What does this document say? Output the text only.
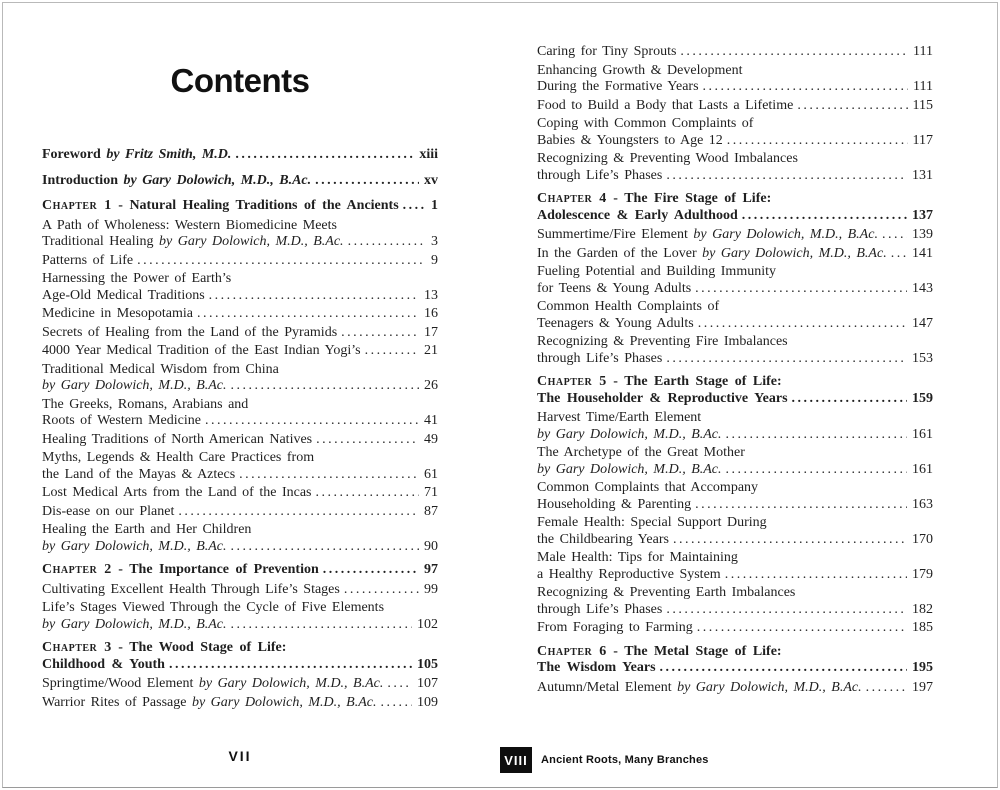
Contents
Foreword by Fritz Smith, M.D. .....	xiii
Introduction by Gary Dolowich, M.D., B.Ac. .....	xv
Chapter 1 - Natural Healing Traditions of the Ancients ..... 1
A Path of Wholeness: Western Biomedicine Meets
Traditional Healing by Gary Dolowich, M.D., B.Ac. .....	3
Patterns of Life .....	9
Harnessing the Power of Earth’s
Age-Old Medical Traditions .....	13
Medicine in Mesopotamia .....	16
Secrets of Healing from the Land of the Pyramids .....	17
4000 Year Medical Tradition of the East Indian Yogi’s .....	21
Traditional Medical Wisdom from China
by Gary Dolowich, M.D., B.Ac. .....	26
The Greeks, Romans, Arabians and
Roots of Western Medicine .....	41
Healing Traditions of North American Natives .....	49
Myths, Legends & Health Care Practices from
the Land of the Mayas & Aztecs .....	61
Lost Medical Arts from the Land of the Incas .....	71
Dis-ease on our Planet .....	87
Healing the Earth and Her Children
by Gary Dolowich, M.D., B.Ac. .....	90
Chapter 2 - The Importance of Prevention .....	97
Cultivating Excellent Health Through Life’s Stages .....	99
Life’s Stages Viewed Through the Cycle of Five Elements
by Gary Dolowich, M.D., B.Ac. .....	102
Chapter 3 - The Wood Stage of Life:
Childhood & Youth .....	105
Springtime/Wood Element by Gary Dolowich, M.D., B.Ac. ..... 107
Warrior Rites of Passage by Gary Dolowich, M.D., B.Ac. .....	109
Caring for Tiny Sprouts .....	111
Enhancing Growth & Development
During the Formative Years .....	111
Food to Build a Body that Lasts a Lifetime .....	115
Coping with Common Complaints of
Babies & Youngsters to Age 12 .....	117
Recognizing & Preventing Wood Imbalances
through Life’s Phases .....	131
Chapter 4 - The Fire Stage of Life:
Adolescence & Early Adulthood .....	137
Summertime/Fire Element by Gary Dolowich, M.D., B.Ac. ..... 139
In the Garden of the Lover by Gary Dolowich, M.D., B.Ac. ..... 141
Fueling Potential and Building Immunity
for Teens & Young Adults .....	143
Common Health Complaints of
Teenagers & Young Adults .....	147
Recognizing & Preventing Fire Imbalances
through Life’s Phases .....	153
Chapter 5 - The Earth Stage of Life:
The Householder & Reproductive Years .....	159
Harvest Time/Earth Element
by Gary Dolowich, M.D., B.Ac. .....	161
The Archetype of the Great Mother
by Gary Dolowich, M.D., B.Ac. .....	161
Common Complaints that Accompany
Householding & Parenting .....	163
Female Health: Special Support During
the Childbearing Years .....	170
Male Health: Tips for Maintaining
a Healthy Reproductive System .....	179
Recognizing & Preventing Earth Imbalances
through Life’s Phases .....	182
From Foraging to Farming .....	185
Chapter 6 - The Metal Stage of Life:
The Wisdom Years .....	195
Autumn/Metal Element by Gary Dolowich, M.D., B.Ac. .....	197
VII	VIII	Ancient Roots, Many Branches
